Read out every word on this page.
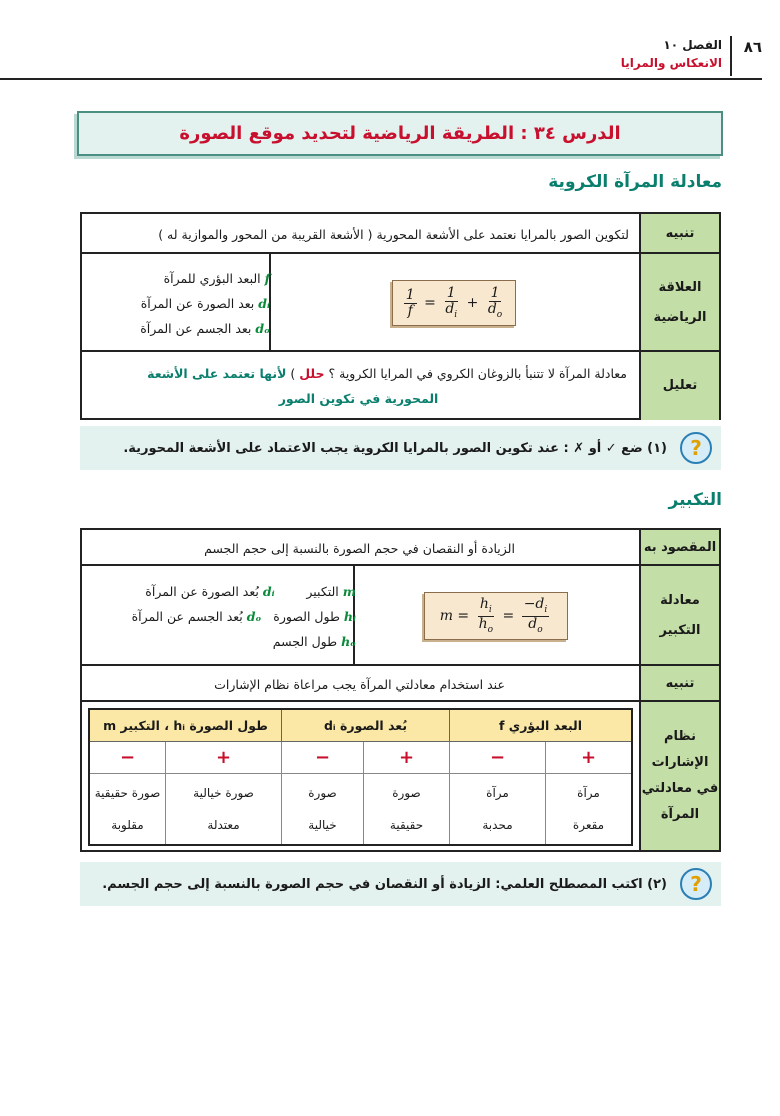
٨٦
الفصل ١٠
الانعكاس والمرايا
الدرس ٣٤ : الطريقة الرياضية لتحديد موقع الصورة
معادلة المرآة الكروية
تنبيه
لتكوين الصور بالمرايا نعتمد على الأشعة المحورية ( الأشعة القريبة من المحور والموازية له )
العلاقة
الرياضية
$\frac{1}{f} = \frac{1}{d_i} + \frac{1}{d_o}$
f البعد البؤري للمرآة
dᵢ بعد الصورة عن المرآة
dₒ بعد الجسم عن المرآة
تعليل
معادلة المرآة لا تتنبأ بالزوغان الكروي في المرايا الكروية ؟ حلل ) لأنها تعتمد على الأشعة
المحورية في تكوين الصور
?
(١) ضع ✓ أو ✗ : عند تكوين الصور بالمرايا الكروية يجب الاعتماد على الأشعة المحورية.
التكبير
المقصود به
الزيادة أو النقصان في حجم الصورة بالنسبة إلى حجم الجسم
معادلة
التكبير
$m = \frac{h_i}{h_o} = \frac{-d_i}{d_o}$
m التكبير        dᵢ بُعد الصورة عن المرآة
hᵢ طول الصورة   dₒ بُعد الجسم عن المرآة
hₒ طول الجسم
تنبيه
عند استخدام معادلتي المرآة يجب مراعاة نظام الإشارات
نظام
الإشارات
في معادلتي
المرآة
البعد البؤري f
بُعد الصورة dᵢ
طول الصورة hᵢ ، التكبير m
+
−
+
−
+
−
مرآة
مقعرة
مرآة
محدبة
صورة
حقيقية
صورة
خيالية
صورة خيالية
معتدلة
صورة حقيقية
مقلوبة
?
(٢) اكتب المصطلح العلمي: الزيادة أو النقصان في حجم الصورة بالنسبة إلى حجم الجسم.
